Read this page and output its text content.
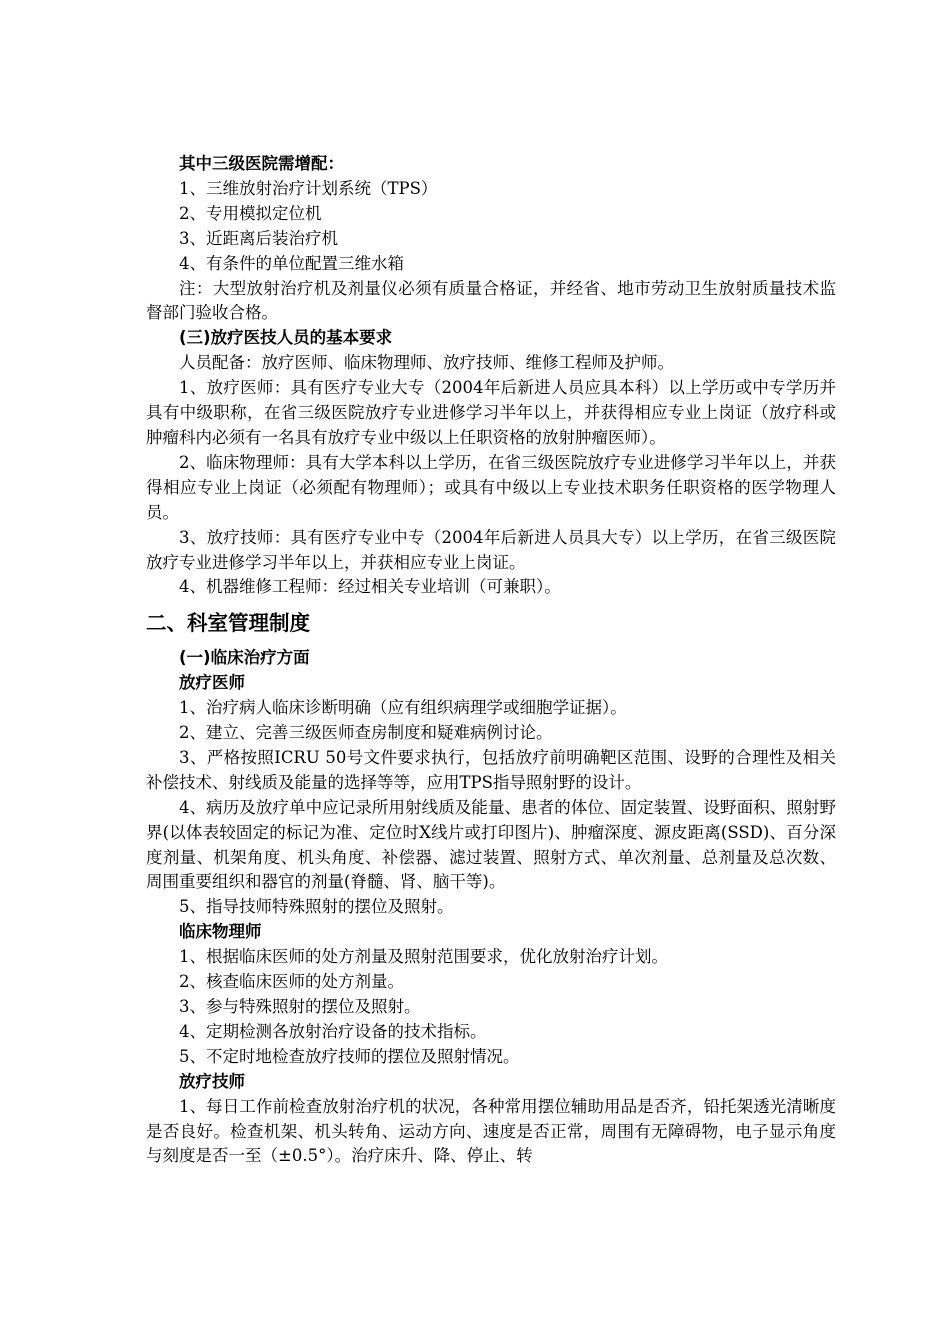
其中三级医院需增配：

1、三维放射治疗计划系统（TPS）

2、专用模拟定位机

3、近距离后装治疗机

4、有条件的单位配置三维水箱

注：大型放射治疗机及剂量仪必须有质量合格证，并经省、地市劳动卫生放射质量技术监督部门验收合格。

(三)放疗医技人员的基本要求

人员配备：放疗医师、临床物理师、放疗技师、维修工程师及护师。

1、放疗医师：具有医疗专业大专（2004年后新进人员应具本科）以上学历或中专学历并具有中级职称，在省三级医院放疗专业进修学习半年以上，并获得相应专业上岗证（放疗科或肿瘤科内必须有一名具有放疗专业中级以上任职资格的放射肿瘤医师）。

2、临床物理师：具有大学本科以上学历，在省三级医院放疗专业进修学习半年以上，并获得相应专业上岗证（必须配有物理师）；或具有中级以上专业技术职务任职资格的医学物理人员。

3、放疗技师：具有医疗专业中专（2004年后新进人员具大专）以上学历，在省三级医院放疗专业进修学习半年以上，并获相应专业上岗证。

4、机器维修工程师：经过相关专业培训（可兼职）。

二、科室管理制度

(一)临床治疗方面

放疗医师

1、治疗病人临床诊断明确（应有组织病理学或细胞学证据）。

2、建立、完善三级医师查房制度和疑难病例讨论。

3、严格按照ICRU 50号文件要求执行，包括放疗前明确靶区范围、设野的合理性及相关补偿技术、射线质及能量的选择等等，应用TPS指导照射野的设计。

4、病历及放疗单中应记录所用射线质及能量、患者的体位、固定装置、设野面积、照射野界(以体表较固定的标记为准、定位时X线片或打印图片)、肿瘤深度、源皮距离(SSD)、百分深度剂量、机架角度、机头角度、补偿器、滤过装置、照射方式、单次剂量、总剂量及总次数、周围重要组织和器官的剂量(脊髓、肾、脑干等)。

5、指导技师特殊照射的摆位及照射。

临床物理师

1、根据临床医师的处方剂量及照射范围要求，优化放射治疗计划。

2、核查临床医师的处方剂量。

3、参与特殊照射的摆位及照射。

4、定期检测各放射治疗设备的技术指标。

5、不定时地检查放疗技师的摆位及照射情况。

放疗技师

1、每日工作前检查放射治疗机的状况，各种常用摆位辅助用品是否齐，铅托架透光清晰度是否良好。检查机架、机头转角、运动方向、速度是否正常，周围有无障碍物，电子显示角度与刻度是否一至（±0.5°）。治疗床升、降、停止、转
